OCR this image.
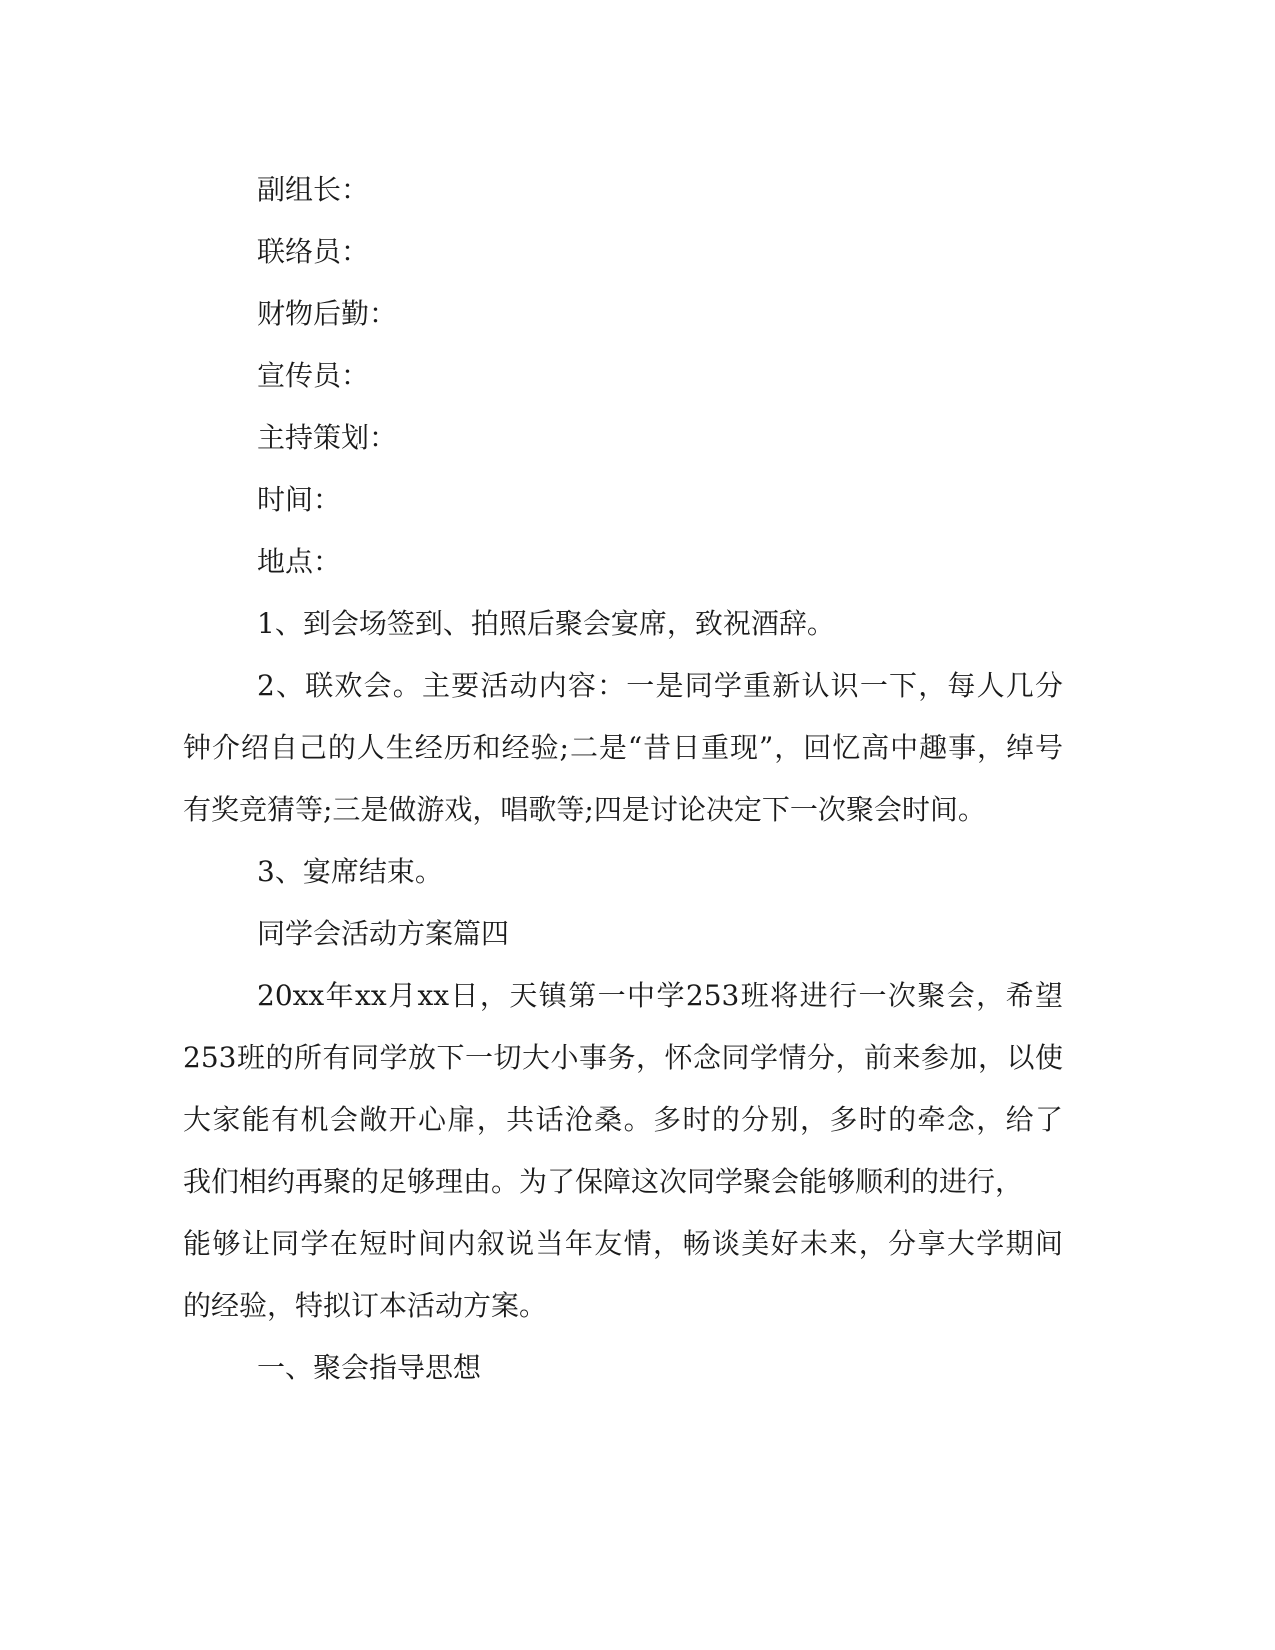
副组长：
联络员：
财物后勤：
宣传员：
主持策划：
时间：
地点：
1、到会场签到、拍照后聚会宴席，致祝酒辞。
2、联欢会。主要活动内容：一是同学重新认识一下，每人几分
钟介绍自己的人生经历和经验;二是“昔日重现”，回忆高中趣事，绰号
有奖竞猜等;三是做游戏，唱歌等;四是讨论决定下一次聚会时间。
3、宴席结束。
同学会活动方案篇四
20xx年xx月xx日，天镇第一中学253班将进行一次聚会，希望
253班的所有同学放下一切大小事务，怀念同学情分，前来参加，以使
大家能有机会敞开心扉，共话沧桑。多时的分别，多时的牵念，给了
我们相约再聚的足够理由。为了保障这次同学聚会能够顺利的进行，
能够让同学在短时间内叙说当年友情，畅谈美好未来，分享大学期间
的经验，特拟订本活动方案。
一、聚会指导思想
